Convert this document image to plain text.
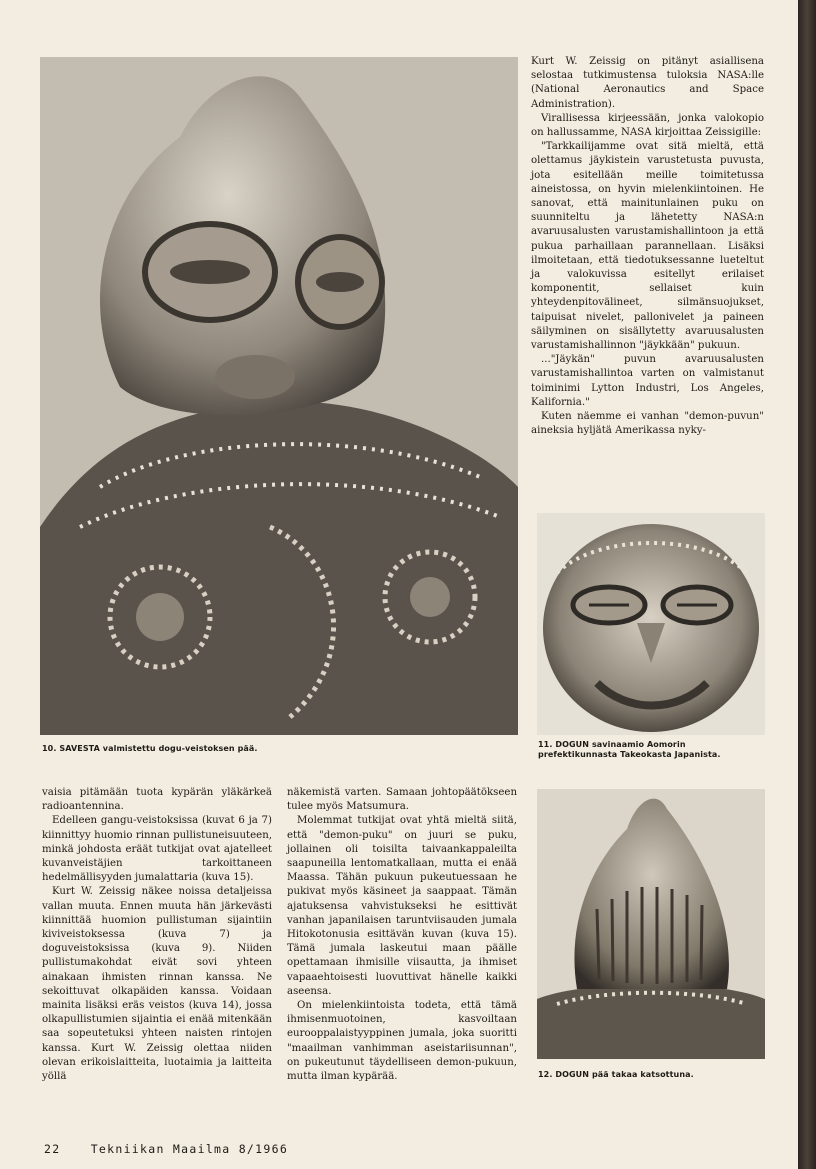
10. SAVESTA valmistettu dogu-veistoksen pää.	11. DOGUN savinaamio Aomorin prefektikunnasta Takeokasta Japanista.
12. DOGUN pää takaa katsottuna.

Kurt W. Zeissig on pitänyt asiallisena selostaa tutkimustensa tuloksia NASA:lle (National Aeronautics and Space Administration).

Virallisessa kirjeessään, jonka valokopio on hallussamme, NASA kirjoittaa Zeissigille:

"Tarkkailijamme ovat sitä mieltä, että olettamus jäykistein varustetusta puvusta, jota esitellään meille toimitetussa aineistossa, on hyvin mielenkiintoinen. He sanovat, että mainitunlainen puku on suunniteltu ja lähetetty NASA:n avaruusalusten varustamishallintoon ja että pukua parhaillaan parannellaan. Lisäksi ilmoitetaan, että tiedotuksessanne lueteltut ja valokuvissa esitellyt erilaiset komponentit, sellaiset kuin yhteydenpitovälineet, silmänsuojukset, taipuisat nivelet, pallonivelet ja paineen säilyminen on sisällytetty avaruusalusten varustamishallinnon "jäykkään" pukuun.

..."Jäykän" puvun avaruusalusten varustamishallintoa varten on valmistanut toiminimi Lytton Industri, Los Angeles, Kalifornia."

Kuten näemme ei vanhan "demon-puvun" aineksia hyljätä Amerikassa nyky-

vaisia pitämään tuota kypärän yläkärkeä radioantennina.

Edelleen gangu-veistoksissa (kuvat 6 ja 7) kiinnittyy huomio rinnan pullistuneisuuteen, minkä johdosta eräät tutkijat ovat ajatelleet kuvanveistäjien tarkoittaneen hedelmällisyyden jumalattaria (kuva 15).

Kurt W. Zeissig näkee noissa detaljeissa vallan muuta. Ennen muuta hän järkevästi kiinnittää huomion pullistuman sijaintiin kiviveistoksessa (kuva 7) ja doguveistoksissa (kuva 9). Niiden pullistumakohdat eivät sovi yhteen ainakaan ihmisten rinnan kanssa. Ne sekoittuvat olkapäiden kanssa. Voidaan mainita lisäksi eräs veistos (kuva 14), jossa olkapullistumien sijaintia ei enää mitenkään saa sopeutetuksi yhteen naisten rintojen kanssa. Kurt W. Zeissig olettaa niiden olevan erikoislaitteita, luotaimia ja laitteita yöllä

näkemistä varten. Samaan johtopäätökseen tulee myös Matsumura.

Molemmat tutkijat ovat yhtä mieltä siitä, että "demon-puku" on juuri se puku, jollainen oli toisilta taivaankappaleilta saapuneilla lentomatkallaan, mutta ei enää Maassa. Tähän pukuun pukeutuessaan he pukivat myös käsineet ja saappaat. Tämän ajatuksensa vahvistukseksi he esittivät vanhan japanilaisen taruntviisauden jumala Hitokotonusia esittävän kuvan (kuva 15). Tämä jumala laskeutui maan päälle opettamaan ihmisille viisautta, ja ihmiset vapaaehtoisesti luovuttivat hänelle kaikki aseensa.

On mielenkiintoista todeta, että tämä ihmisenmuotoinen, kasvoiltaan eurooppalaistyyppinen jumala, joka suoritti "maailman vanhimman aseistariisunnan", on pukeutunut täydelliseen demon-pukuun, mutta ilman kypärää.

22	Tekniikan Maailma 8/1966
